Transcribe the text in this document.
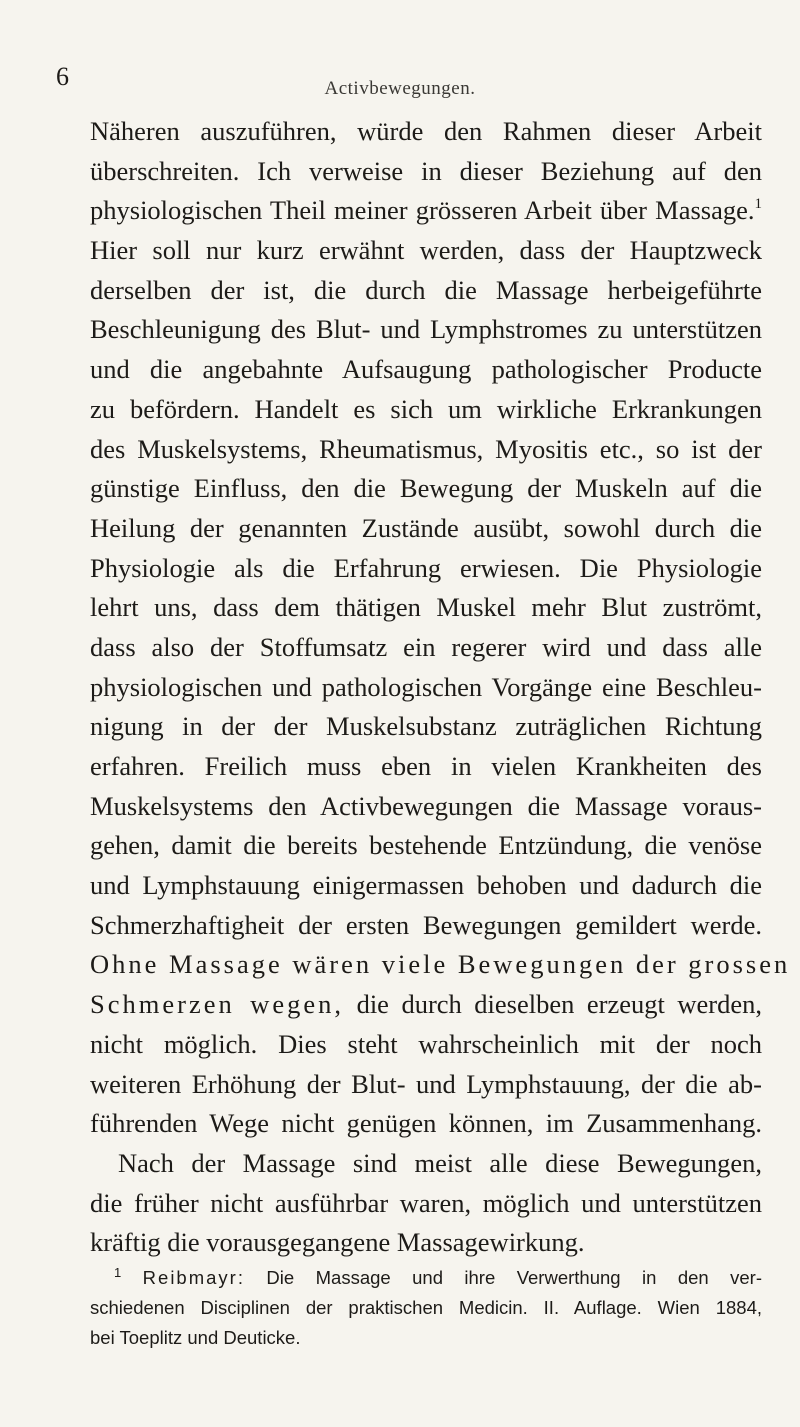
6	Activbewegungen.
Näheren auszuführen, würde den Rahmen dieser Arbeit
überschreiten. Ich verweise in dieser Beziehung auf den
physiologischen Theil meiner grösseren Arbeit über Massage.$^1$
Hier soll nur kurz erwähnt werden, dass der Hauptzweck
derselben der ist, die durch die Massage herbeigeführte
Beschleunigung des Blut- und Lymphstromes zu unterstützen
und die angebahnte Aufsaugung pathologischer Producte
zu befördern. Handelt es sich um wirkliche Erkrankungen
des Muskelsystems, Rheumatismus, Myositis etc., so ist der
günstige Einfluss, den die Bewegung der Muskeln auf die
Heilung der genannten Zustände ausübt, sowohl durch die
Physiologie als die Erfahrung erwiesen. Die Physiologie
lehrt uns, dass dem thätigen Muskel mehr Blut zuströmt,
dass also der Stoffumsatz ein regerer wird und dass alle
physiologischen und pathologischen Vorgänge eine Beschleu-
nigung in der der Muskelsubstanz zuträglichen Richtung
erfahren. Freilich muss eben in vielen Krankheiten des
Muskelsystems den Activbewegungen die Massage voraus-
gehen, damit die bereits bestehende Entzündung, die venöse
und Lymphstauung einigermassen behoben und dadurch die
Schmerzhaftigheit der ersten Bewegungen gemildert werde.
Ohne Massage wären viele Bewegungen der grossen
Schmerzen wegen, die durch dieselben erzeugt werden,
nicht möglich. Dies steht wahrscheinlich mit der noch
weiteren Erhöhung der Blut- und Lymphstauung, der die ab-
führenden Wege nicht genügen können, im Zusammenhang.
Nach der Massage sind meist alle diese Bewegungen,
die früher nicht ausführbar waren, möglich und unterstützen
kräftig die vorausgegangene Massagewirkung.
$^1$ Reibmayr: Die Massage und ihre Verwerthung in den ver-
schiedenen Disciplinen der praktischen Medicin. II. Auflage. Wien 1884,
bei Toeplitz und Deuticke.
